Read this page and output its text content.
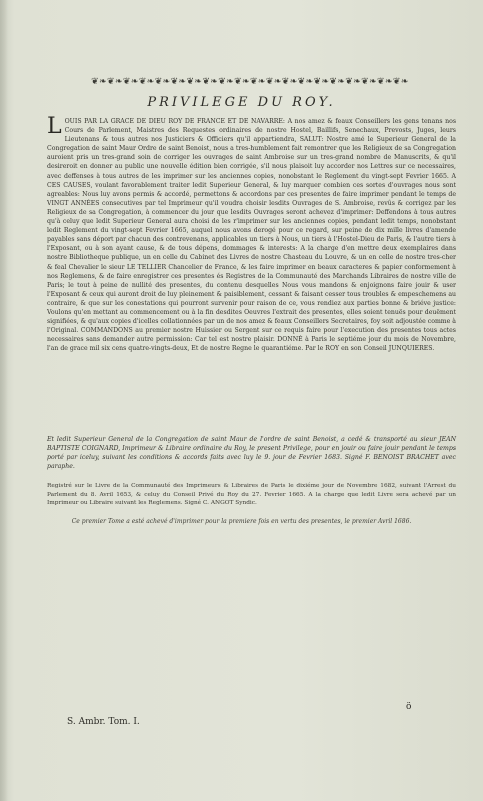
❦❧❦❧❦❧❦❧❦❧❦❧❦❧❦❧❦❧❦❧❦❧❦❧❦❧❦❧❦❧❦❧❦❧❦❧❦❧❦❧
PRIVILEGE DU ROY.
L OUIS PAR LA GRACE DE DIEU ROY DE FRANCE ET DE NAVARRE: A nos amez & feaux Conseillers les gens tenans nos Cours de Parlement, Maistres des Requestes ordinaires de nostre Hostel, Baillifs, Senechaux, Prevosts, Juges, leurs Lieutenans & tous autres nos Justiciers & Officiers qu'il appartiendra, SALUT: Nostre amé le Superieur General de la Congregation de saint Maur Ordre de saint Benoist, nous a tres-humblement fait remontrer que les Religieux de sa Congregation auroient pris un tres-grand soin de corriger les ouvrages de saint Ambroise sur un tres-grand nombre de Manuscrits, & qu'il desireroit en donner au public une nouvelle édition bien corrigée, s'il nous plaisoit luy accorder nos Lettres sur ce necessaires, avec deffenses à tous autres de les imprimer sur les anciennes copies, nonobstant le Reglement du vingt-sept Fevrier 1665. A CES CAUSES, voulant favorablement traiter ledit Superieur General, & luy marquer combien ces sortes d'ouvrages nous sont agreables: Nous luy avons permis & accordé, permettons & accordons par ces presentes de faire imprimer pendant le temps de VINGT ANNÉES consecutives par tel Imprimeur qu'il voudra choisir lesdits Ouvrages de S. Ambroise, revûs & corrigez par les Religieux de sa Congregation, à commencer du jour que lesdits Ouvrages seront achevez d'imprimer: Deffendons à tous autres qu'à celuy que ledit Superieur General aura choisi de les r'imprimer sur les anciennes copies, pendant ledit temps, nonobstant ledit Reglement du vingt-sept Fevrier 1665, auquel nous avons derogé pour ce regard, sur peine de dix mille livres d'amende payables sans déport par chacun des contrevenans, applicables un tiers à Nous, un tiers à l'Hostel-Dieu de Paris, & l'autre tiers à l'Exposant, ou à son ayant cause, & de tous dépens, dommages & interests: A la charge d'en mettre deux exemplaires dans nostre Bibliotheque publique, un en celle du Cabinet des Livres de nostre Chasteau du Louvre, & un en celle de nostre tres-cher & feal Chevalier le sieur LE TELLIER Chancelier de France, & les faire imprimer en beaux caracteres & papier conformement à nos Reglemens, & de faire enregistrer ces presentes és Registres de la Communauté des Marchands Libraires de nostre ville de Paris; le tout à peine de nullité des presentes, du contenu desquelles Nous vous mandons & enjoignons faire jouir & user l'Exposant & ceux qui auront droit de luy pleinement & paisiblement, cessant & faisant cesser tous troubles & empeschemens au contraire, & que sur les conestations qui pourront survenir pour raison de ce, vous rendiez aux parties bonne & briéve justice: Voulons qu'en mettant au commencement ou à la fin desdites Oeuvres l'extrait des presentes, elles soient tenuës pour deuëment signifiées, & qu'aux copies d'icelles collationnées par un de nos amez & feaux Conseillers Secretaires, foy soit adjoustée comme à l'Original. COMMANDONS au premier nostre Huissier ou Sergent sur ce requis faire pour l'execution des presentes tous actes necessaires sans demander autre permission: Car tel est nostre plaisir. DONNÉ à Paris le septiéme jour du mois de Novembre, l'an de grace mil six cens quatre-vingts-deux, Et de nostre Regne le quarantiéme. Par le ROY en son Conseil JUNQUIERES.
Et ledit Superieur General de la Congregation de saint Maur de l'ordre de saint Benoist, a cedé & transporté au sieur JEAN BAPTISTE COIGNARD, Imprimeur & Libraire ordinaire du Roy, le present Privilege, pour en jouir ou faire jouir pendant le temps porté par iceluy, suivant les conditions & accords faits avec luy le 9. jour de Fevrier 1683. Signé F. BENOIST BRACHET avec paraphe.
Registré sur le Livre de la Communauté des Imprimeurs & Libraires de Paris le dixiéme jour de Novembre 1682, suivant l'Arrest du Parlement du 8. Avril 1653, & celuy du Conseil Privé du Roy du 27. Fevrier 1665. A la charge que ledit Livre sera achevé par un Imprimeur ou Libraire suivant les Reglemens. Signé C. ANGOT Syndic.
Ce premier Tome a esté achevé d'imprimer pour la premiere fois en vertu des presentes, le premier Avril 1686.
S. Ambr. Tom. I.
ö
